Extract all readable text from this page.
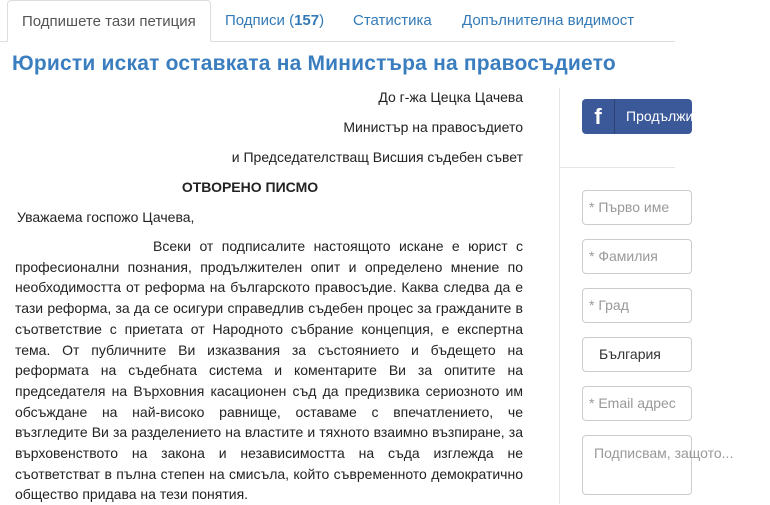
Подпишете тази петиция	Подписи (157)	Статистика	Допълнителна видимост
Юристи искат оставката на Министъра на правосъдието
До г-жа Цецка Цачева
Министър на правосъдието
и Председателстващ Висшия съдебен съвет
ОТВОРЕНО ПИСМО
Уважаема госпожо Цачева,

Всеки от подписалите настоящото искане е юрист с професионални познания, продължителен опит и определено мнение по необходимостта от реформа на българското правосъдие. Каква следва да е тази реформа, за да се осигури справедлив съдебен процес за гражданите в съответствие с приетата от Народното събрание концепция, е експертна тема. От публичните Ви изказвания за състоянието и бъдещето на реформата на съдебната система и коментарите Ви за опитите на председателя на Върховния касационен съд да предизвика сериозното им обсъждане на най-високо равнище, оставаме с впечатлението, че възгледите Ви за разделението на властите и тяхното взаимно възпиране, за върховенството на закона и независимостта на съда изглежда не съответстват в пълна степен на смисъла, който съвременното демократично общество придава на тези понятия.

f	Продължи с Facebook
* Първо име
* Фамилия
* Град
България
* Email адрес
Подписвам, защото...
